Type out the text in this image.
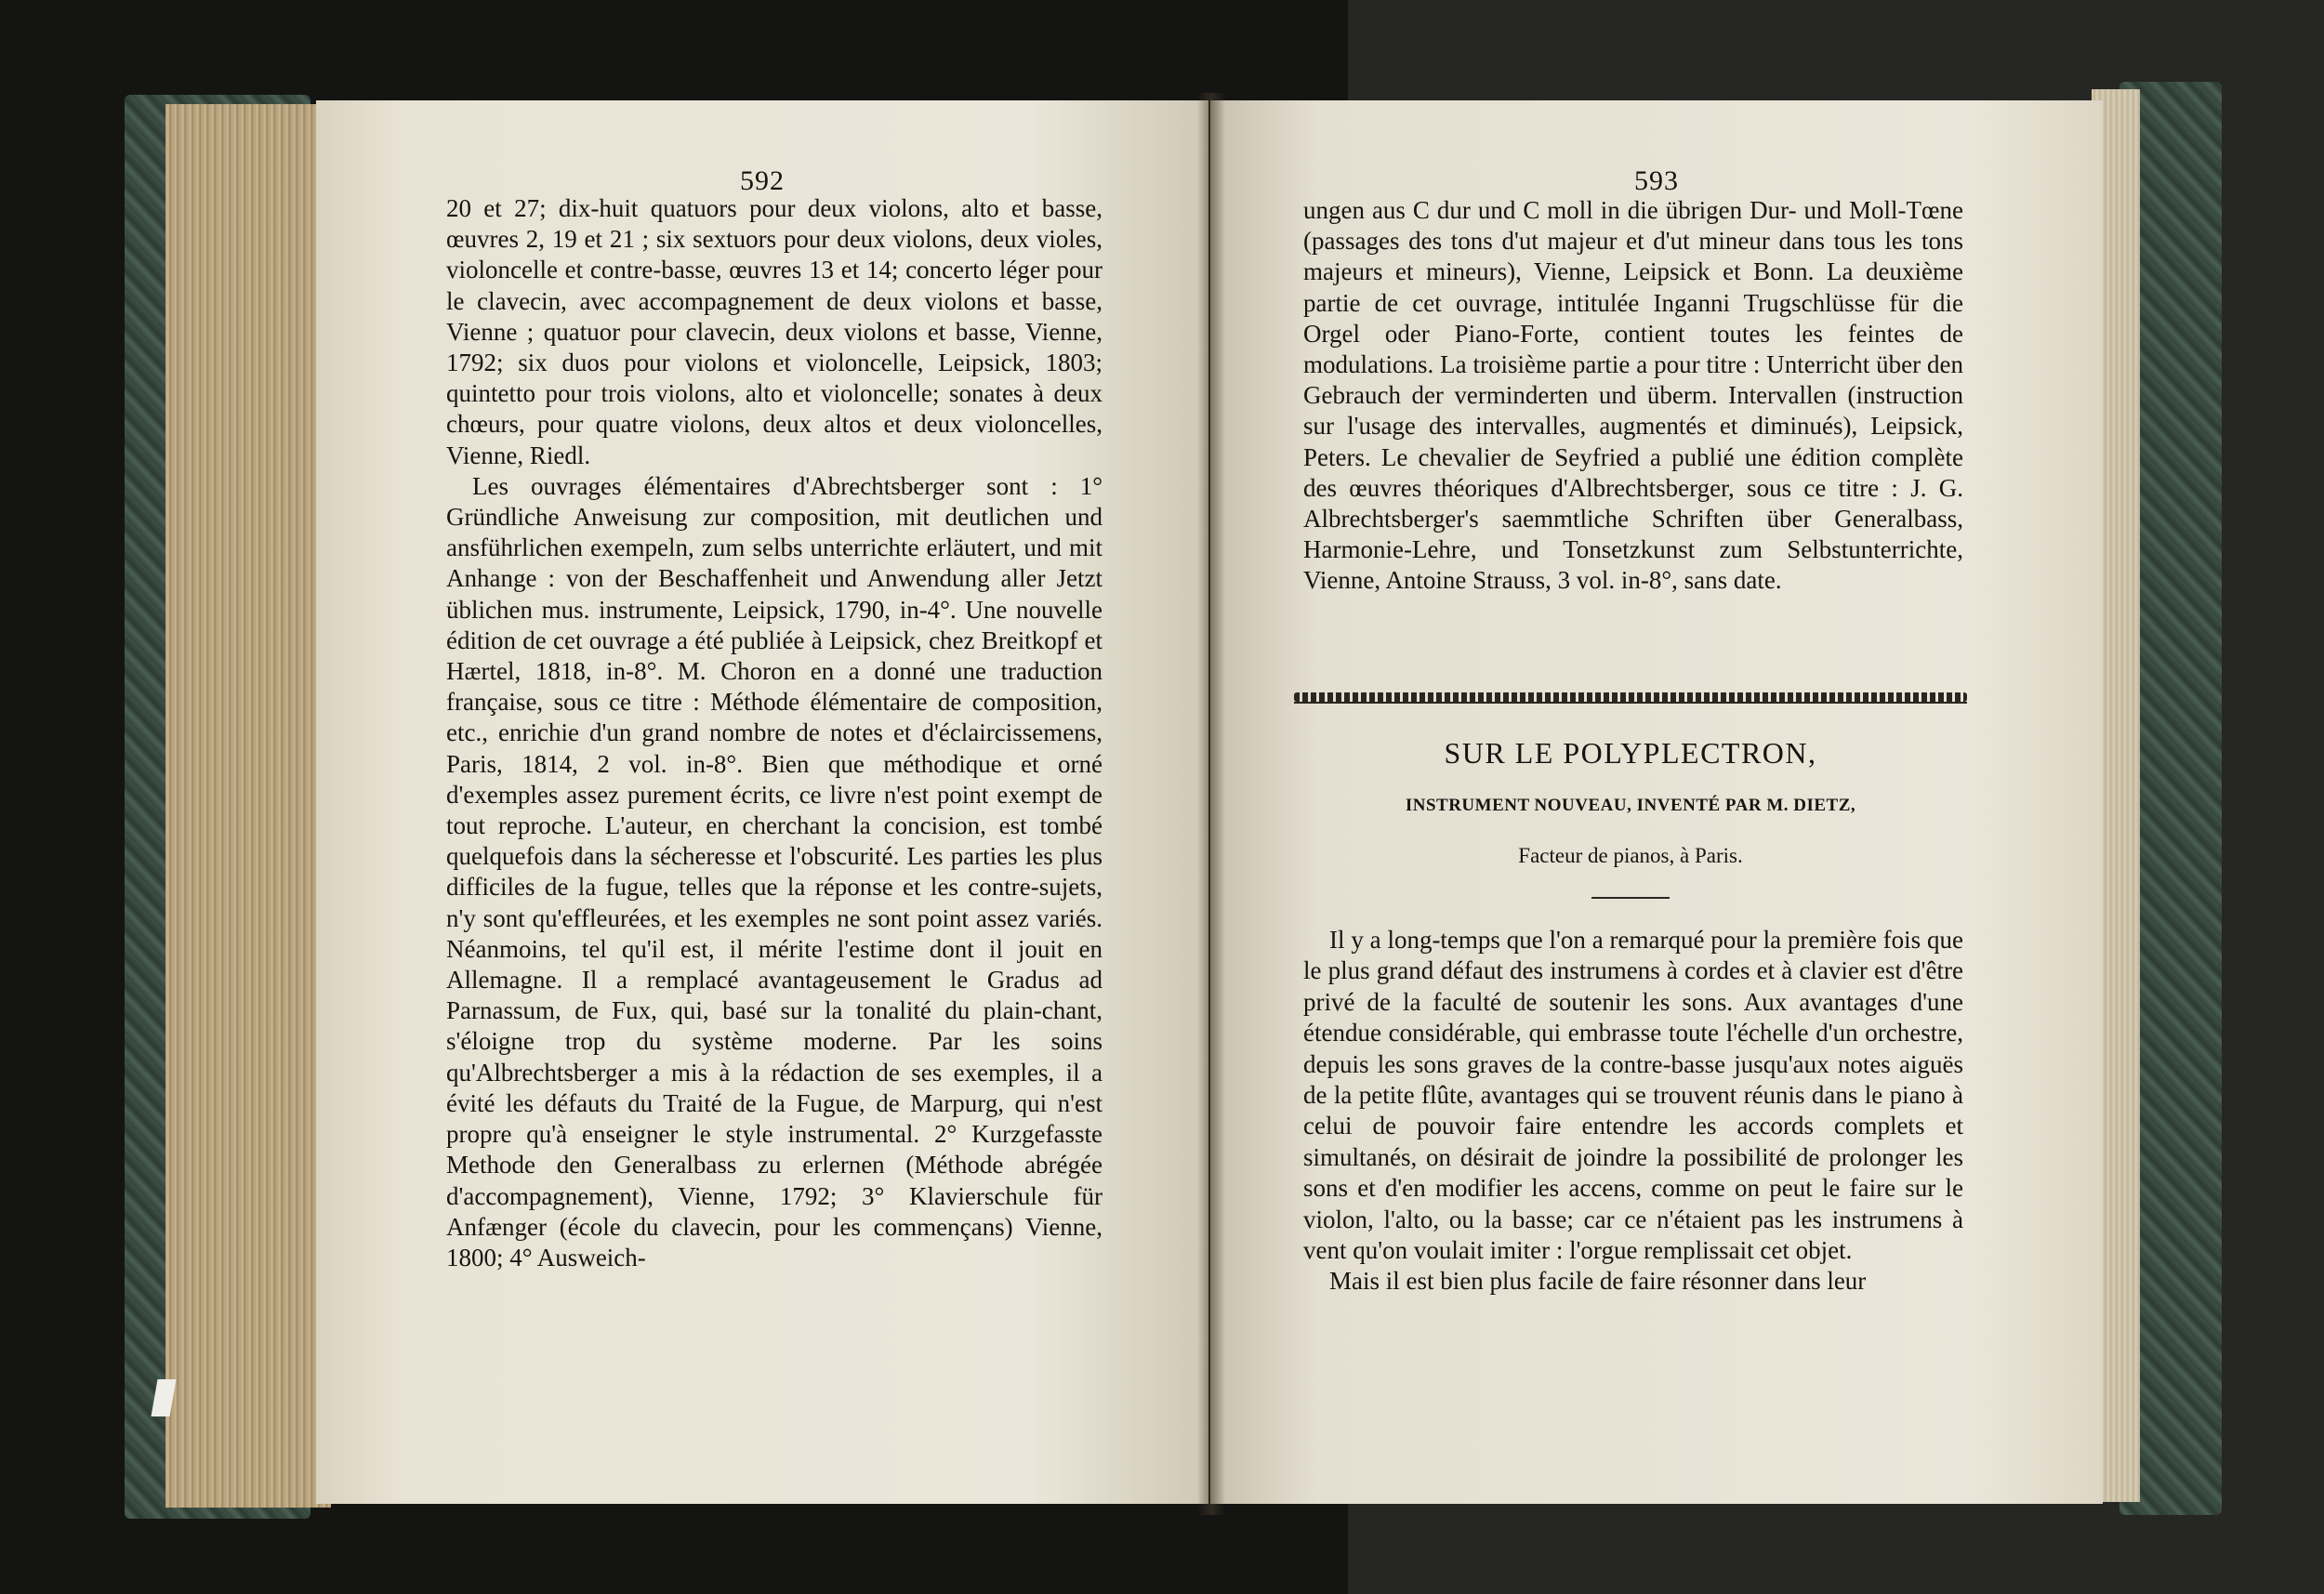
592

20 et 27; dix-huit quatuors pour deux violons, alto et basse, œuvres 2, 19 et 21 ; six sextuors pour deux violons, deux violes, violoncelle et contre-basse, œuvres 13 et 14; concerto léger pour le clavecin, avec accompagnement de deux violons et basse, Vienne ; quatuor pour clavecin, deux violons et basse, Vienne, 1792; six duos pour violons et violoncelle, Leipsick, 1803; quintetto pour trois violons, alto et violoncelle; sonates à deux chœurs, pour quatre violons, deux altos et deux violoncelles, Vienne, Riedl.

Les ouvrages élémentaires d'Abrechtsberger sont : 1° Gründliche Anweisung zur composition, mit deutlichen und ansführlichen exempeln, zum selbs unterrichte erläutert, und mit Anhange : von der Beschaffenheit und Anwendung aller Jetzt üblichen mus. instrumente, Leipsick, 1790, in-4°. Une nouvelle édition de cet ouvrage a été publiée à Leipsick, chez Breitkopf et Hærtel, 1818, in-8°. M. Choron en a donné une traduction française, sous ce titre : Méthode élémentaire de composition, etc., enrichie d'un grand nombre de notes et d'éclaircissemens, Paris, 1814, 2 vol. in-8°. Bien que méthodique et orné d'exemples assez purement écrits, ce livre n'est point exempt de tout reproche. L'auteur, en cherchant la concision, est tombé quelquefois dans la sécheresse et l'obscurité. Les parties les plus difficiles de la fugue, telles que la réponse et les contre-sujets, n'y sont qu'effleurées, et les exemples ne sont point assez variés. Néanmoins, tel qu'il est, il mérite l'estime dont il jouit en Allemagne. Il a remplacé avantageusement le Gradus ad Parnassum, de Fux, qui, basé sur la tonalité du plain-chant, s'éloigne trop du système moderne. Par les soins qu'Albrechtsberger a mis à la rédaction de ses exemples, il a évité les défauts du Traité de la Fugue, de Marpurg, qui n'est propre qu'à enseigner le style instrumental. 2° Kurzgefasste Methode den Generalbass zu erlernen (Méthode abrégée d'accompagnement), Vienne, 1792; 3° Klavierschule für Anfænger (école du clavecin, pour les commençans) Vienne, 1800; 4° Ausweich-

593

ungen aus C dur und C moll in die übrigen Dur- und Moll-Tœne (passages des tons d'ut majeur et d'ut mineur dans tous les tons majeurs et mineurs), Vienne, Leipsick et Bonn. La deuxième partie de cet ouvrage, intitulée Inganni Trugschlüsse für die Orgel oder Piano-Forte, contient toutes les feintes de modulations. La troisième partie a pour titre : Unterricht über den Gebrauch der verminderten und überm. Intervallen (instruction sur l'usage des intervalles, augmentés et diminués), Leipsick, Peters. Le chevalier de Seyfried a publié une édition complète des œuvres théoriques d'Albrechtsberger, sous ce titre : J. G. Albrechtsberger's saemmtliche Schriften über Generalbass, Harmonie-Lehre, und Tonsetzkunst zum Selbstunterrichte, Vienne, Antoine Strauss, 3 vol. in-8°, sans date.

SUR LE POLYPLECTRON,
INSTRUMENT NOUVEAU, INVENTÉ PAR M. DIETZ,
Facteur de pianos, à Paris.

Il y a long-temps que l'on a remarqué pour la première fois que le plus grand défaut des instrumens à cordes et à clavier est d'être privé de la faculté de soutenir les sons. Aux avantages d'une étendue considérable, qui embrasse toute l'échelle d'un orchestre, depuis les sons graves de la contre-basse jusqu'aux notes aiguës de la petite flûte, avantages qui se trouvent réunis dans le piano à celui de pouvoir faire entendre les accords complets et simultanés, on désirait de joindre la possibilité de prolonger les sons et d'en modifier les accens, comme on peut le faire sur le violon, l'alto, ou la basse; car ce n'étaient pas les instrumens à vent qu'on voulait imiter : l'orgue remplissait cet objet.

Mais il est bien plus facile de faire résonner dans leur
